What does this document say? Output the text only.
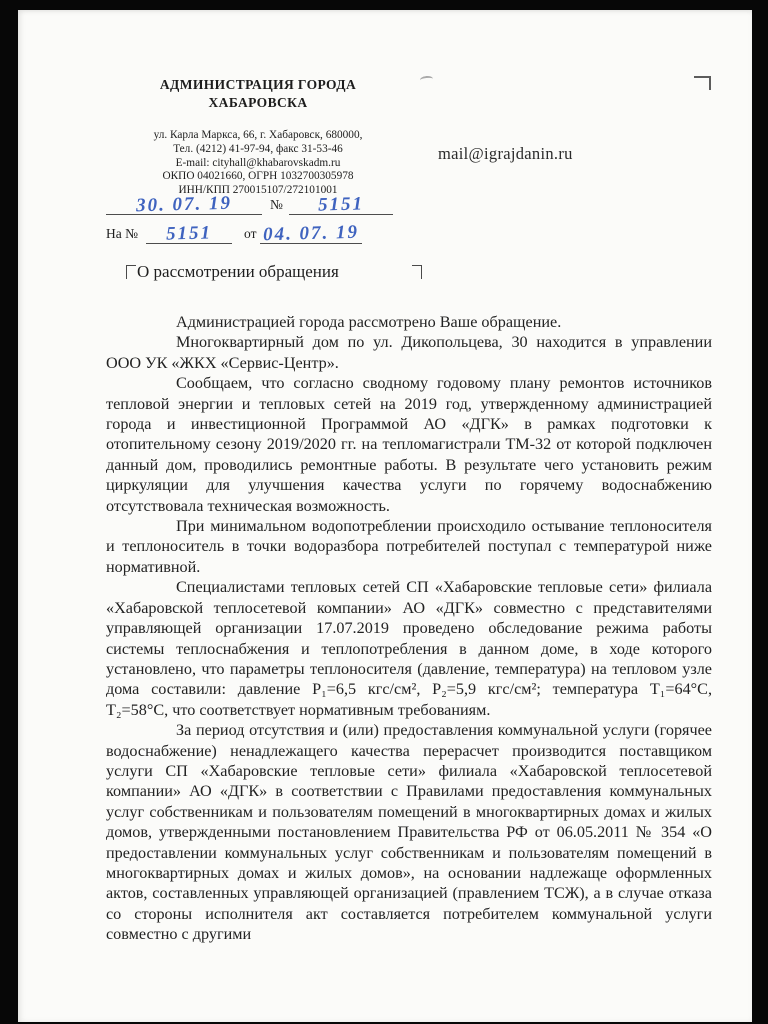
АДМИНИСТРАЦИЯ ГОРОДА
ХАБАРОВСКА
ул. Карла Маркса, 66, г. Хабаровск, 680000,
Тел. (4212) 41-97-94, факс 31-53-46
E-mail: cityhall@khabarovskadm.ru
ОКПО 04021660, ОГРН 1032700305978
ИНН/КПП 270015107/272101001
mail@igrajdanin.ru
30. 07. 19	№	5151
На №	5151	от 04. 07. 19
О рассмотрении обращения

Администрацией города рассмотрено Ваше обращение.

Многоквартирный дом по ул. Дикопольцева, 30 находится в управлении ООО УК «ЖКХ «Сервис-Центр».

Сообщаем, что согласно сводному годовому плану ремонтов источников тепловой энергии и тепловых сетей на 2019 год, утвержденному администрацией города и инвестиционной Программой АО «ДГК» в рамках подготовки к отопительному сезону 2019/2020 гг. на тепломагистрали ТМ-32 от которой подключен данный дом, проводились ремонтные работы. В результате чего установить режим циркуляции для улучшения качества услуги по горячему водоснабжению отсутствовала техническая возможность.

При минимальном водопотреблении происходило остывание теплоносителя и теплоноситель в точки водоразбора потребителей поступал с температурой ниже нормативной.

Специалистами тепловых сетей СП «Хабаровские тепловые сети» филиала «Хабаровской теплосетевой компании» АО «ДГК» совместно с представителями управляющей организации 17.07.2019 проведено обследование режима работы системы теплоснабжения и теплопотребления в данном доме, в ходе которого установлено, что параметры теплоносителя (давление, температура) на тепловом узле дома составили: давление Р₁=6,5 кгс/см², Р₂=5,9 кгс/см²; температура Т₁=64°С, Т₂=58°С, что соответствует нормативным требованиям.

За период отсутствия и (или) предоставления коммунальной услуги (горячее водоснабжение) ненадлежащего качества перерасчет производится поставщиком услуги СП «Хабаровские тепловые сети» филиала «Хабаровской теплосетевой компании» АО «ДГК» в соответствии с Правилами предоставления коммунальных услуг собственникам и пользователям помещений в многоквартирных домах и жилых домов, утвержденными постановлением Правительства РФ от 06.05.2011 № 354 «О предоставлении коммунальных услуг собственникам и пользователям помещений в многоквартирных домах и жилых домов», на основании надлежаще оформленных актов, составленных управляющей организацией (правлением ТСЖ), а в случае отказа со стороны исполнителя акт составляется потребителем коммунальной услуги совместно с другими
